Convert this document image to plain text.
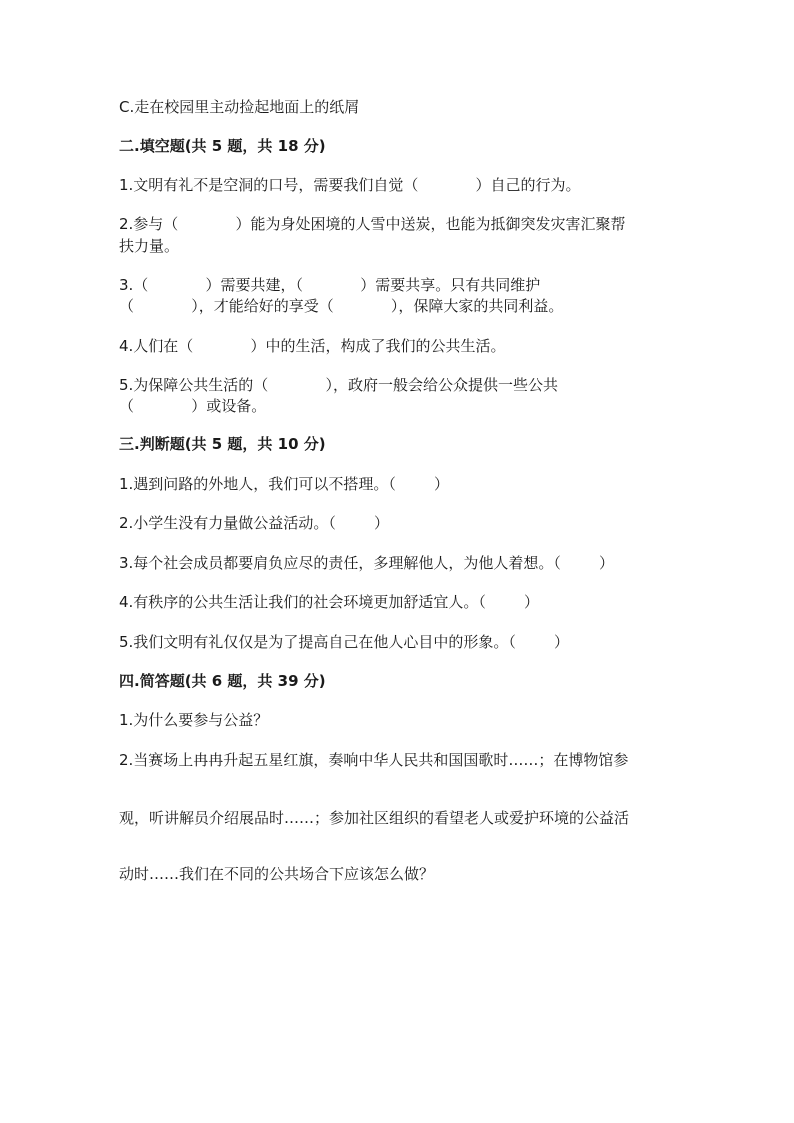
C.走在校园里主动捡起地面上的纸屑
二.填空题(共 5 题，共 18 分)
1.文明有礼不是空洞的口号，需要我们自觉（            ）自己的行为。
2.参与（            ）能为身处困境的人雪中送炭，也能为抵御突发灾害汇聚帮
扶力量。
3.（            ）需要共建，（            ）需要共享。只有共同维护
（            ），才能给好的享受（            ），保障大家的共同利益。
4.人们在（            ）中的生活，构成了我们的公共生活。
5.为保障公共生活的（            ），政府一般会给公众提供一些公共
（            ）或设备。
三.判断题(共 5 题，共 10 分)
1.遇到问路的外地人，我们可以不搭理。（        ）
2.小学生没有力量做公益活动。（        ）
3.每个社会成员都要肩负应尽的责任，多理解他人，为他人着想。（        ）
4.有秩序的公共生活让我们的社会环境更加舒适宜人。（        ）
5.我们文明有礼仅仅是为了提高自己在他人心目中的形象。（        ）
四.简答题(共 6 题，共 39 分)
1.为什么要参与公益？
2.当赛场上冉冉升起五星红旗，奏响中华人民共和国国歌时……；在博物馆参
观，听讲解员介绍展品时……；参加社区组织的看望老人或爱护环境的公益活
动时……我们在不同的公共场合下应该怎么做？
